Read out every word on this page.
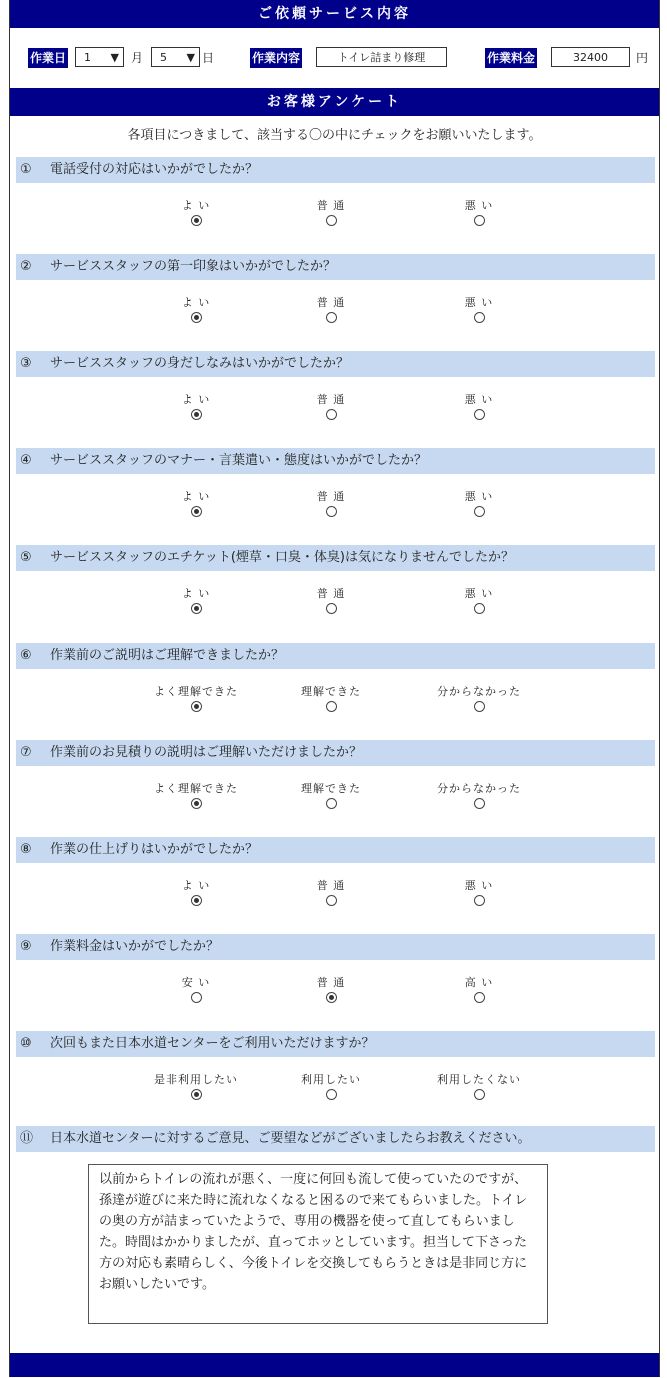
ご依頼サービス内容
作業日 1 ▼ 月 5 ▼ 日	作業内容	トイレ詰まり修理	作業料金	32400	円
お客様アンケート
各項目につきまして、該当する〇の中にチェックをお願いいたします。
① 電話受付の対応はいかがでしたか？
よ い	普 通	悪 い
② サービススタッフの第一印象はいかがでしたか？
よ い	普 通	悪 い
③ サービススタッフの身だしなみはいかがでしたか？
よ い	普 通	悪 い
④ サービススタッフのマナー・言葉遣い・態度はいかがでしたか？
よ い	普 通	悪 い
⑤ サービススタッフのエチケット(煙草・口臭・体臭)は気になりませんでしたか？
よ い	普 通	悪 い
⑥ 作業前のご説明はご理解できましたか？
よく理解できた	理解できた	分からなかった
⑦ 作業前のお見積りの説明はご理解いただけましたか？
よく理解できた	理解できた	分からなかった
⑧ 作業の仕上げりはいかがでしたか？
よ い	普 通	悪 い
⑨ 作業料金はいかがでしたか？
安 い	普 通	高 い
⑩ 次回もまた日本水道センターをご利用いただけますか？
是非利用したい	利用したい	利用したくない
⑪ 日本水道センターに対するご意見、ご要望などがございましたらお教えください。
以前からトイレの流れが悪く、一度に何回も流して使っていたのですが、孫達が遊びに来た時に流れなくなると困るので来てもらいました。トイレの奥の方が詰まっていたようで、専用の機器を使って直してもらいました。時間はかかりましたが、直ってホッとしています。担当して下さった方の対応も素晴らしく、今後トイレを交換してもらうときは是非同じ方にお願いしたいです。
